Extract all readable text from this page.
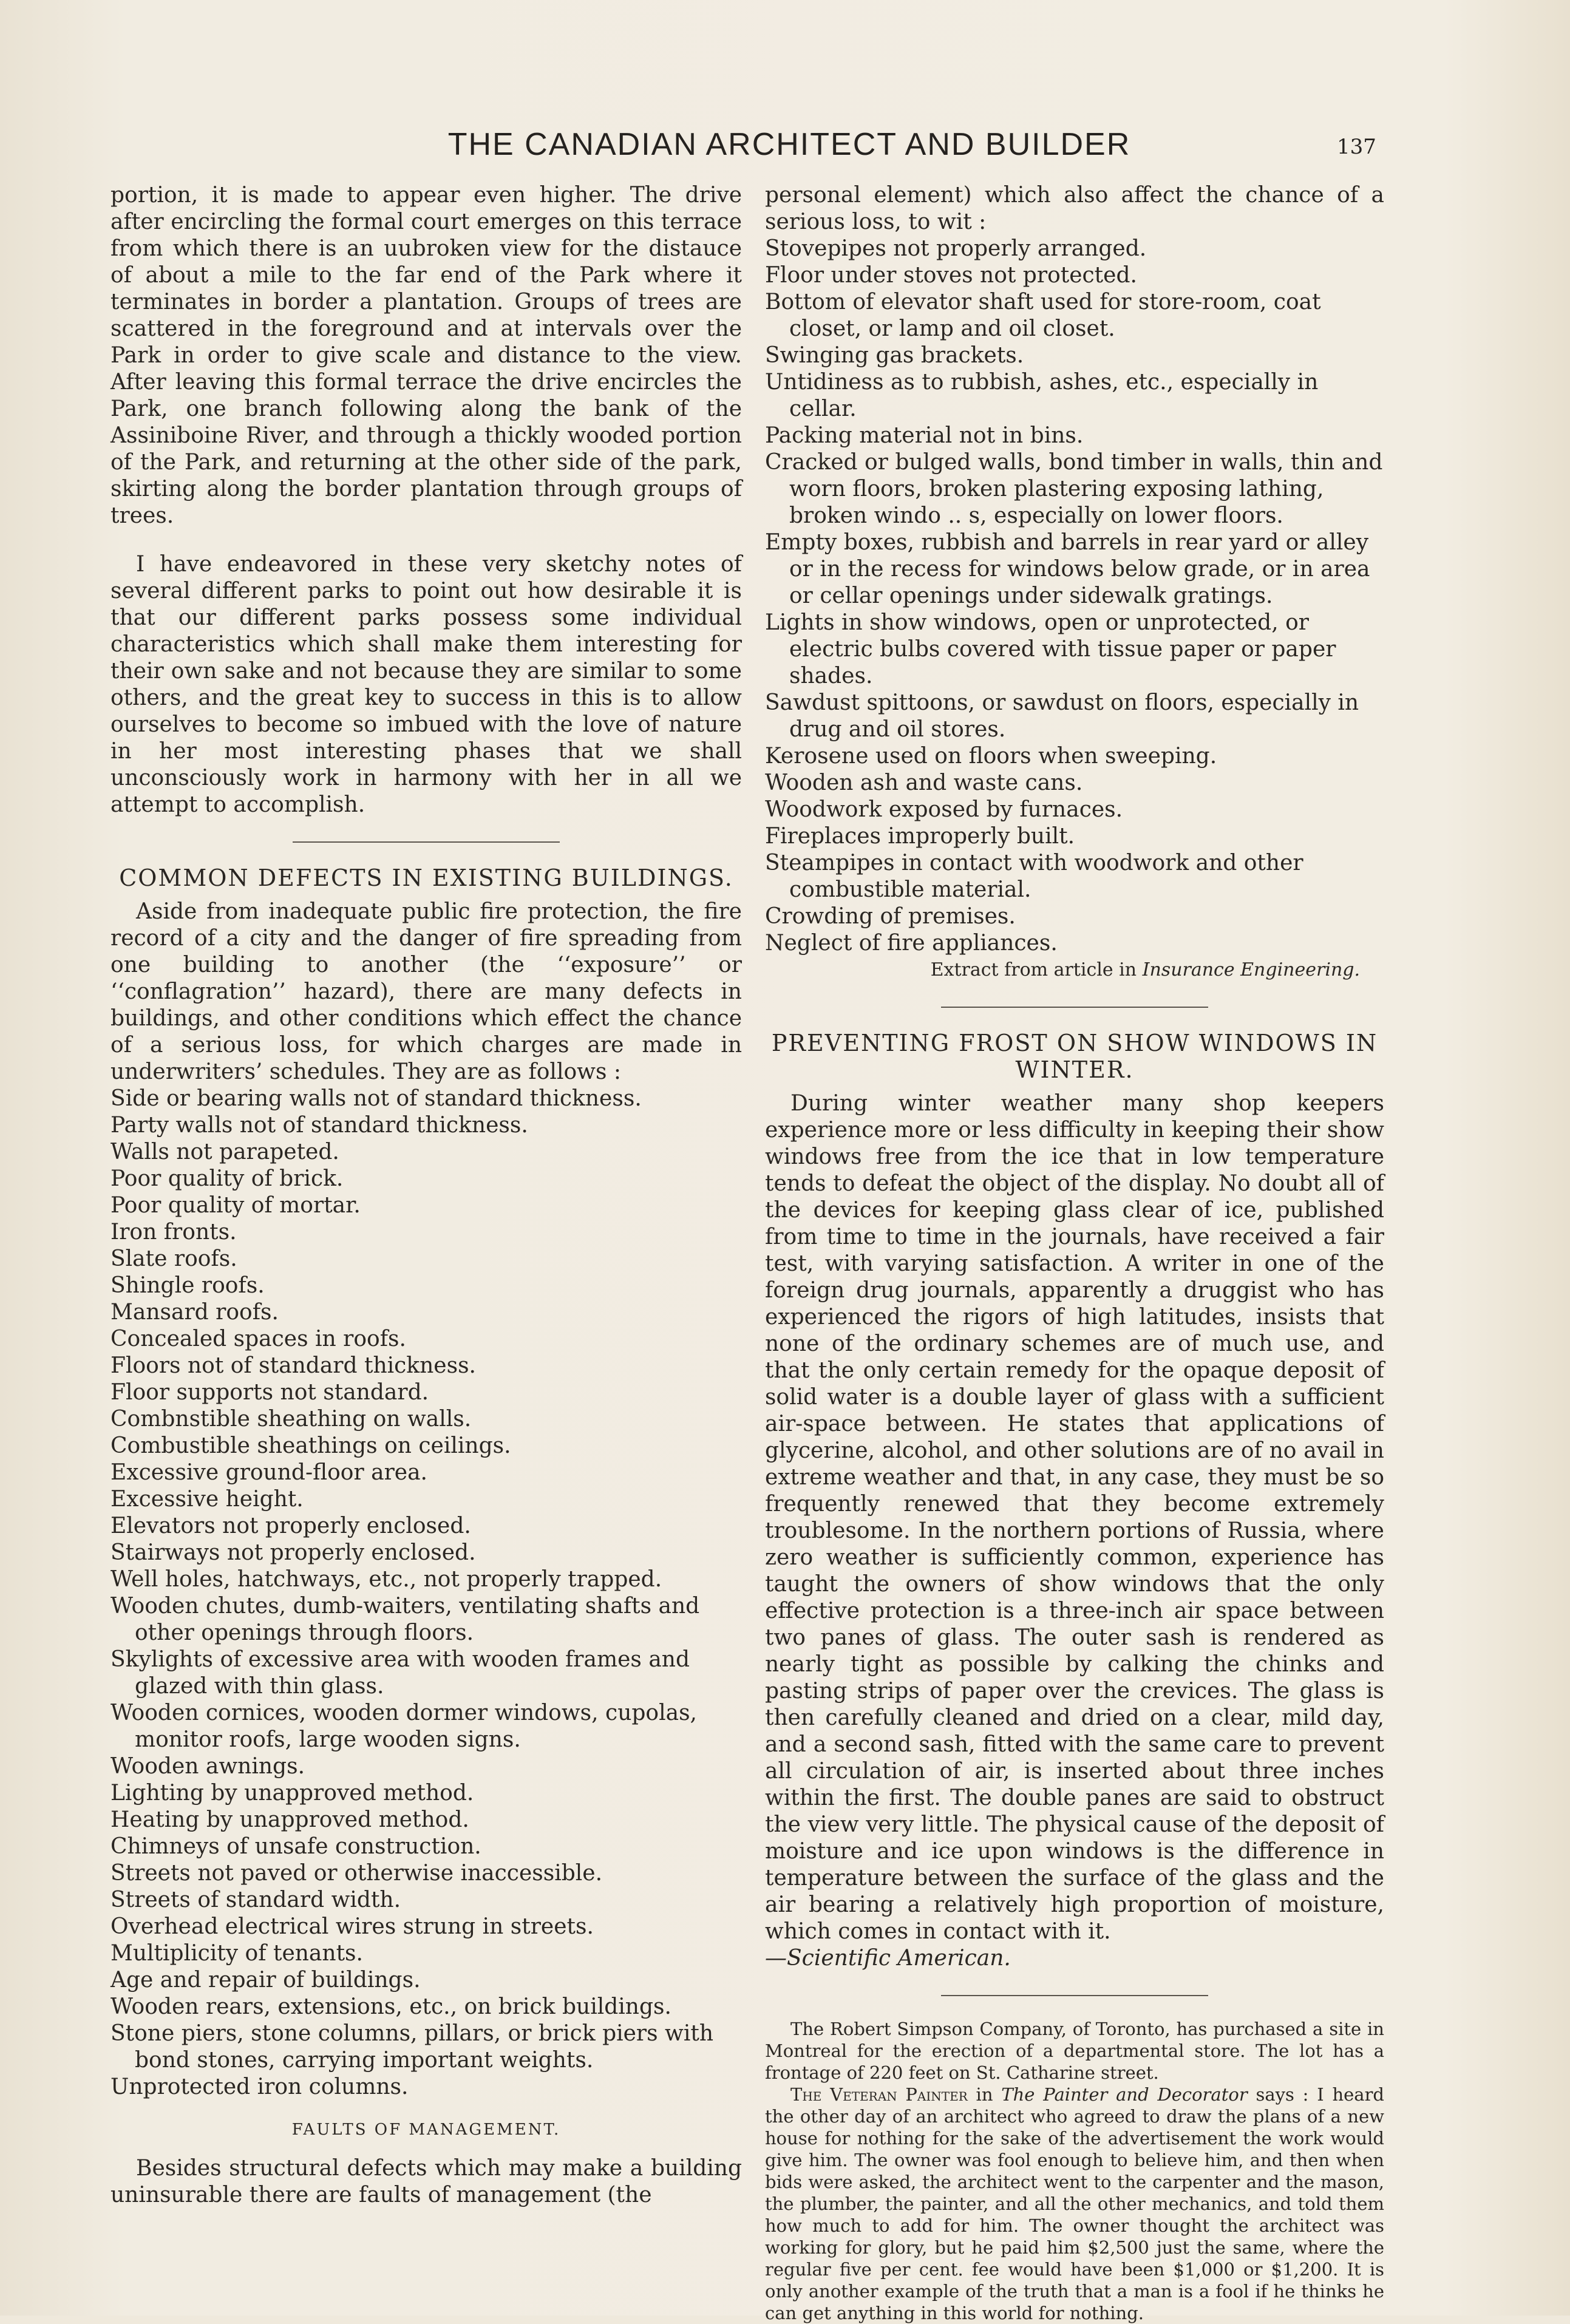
THE CANADIAN ARCHITECT AND BUILDER	137

portion, it is made to appear even higher. The drive after encircling the formal court emerges on this terrace from which there is an uubroken view for the distauce of about a mile to the far end of the Park where it terminates in border a plantation. Groups of trees are scattered in the foreground and at intervals over the Park in order to give scale and distance to the view. After leaving this formal terrace the drive encircles the Park, one branch following along the bank of the Assiniboine River, and through a thickly wooded portion of the Park, and returning at the other side of the park, skirting along the border plantation through groups of trees.

I have endeavored in these very sketchy notes of several different parks to point out how desirable it is that our different parks possess some individual characteristics which shall make them interesting for their own sake and not because they are similar to some others, and the great key to success in this is to allow ourselves to become so imbued with the love of nature in her most interesting phases that we shall unconsciously work in harmony with her in all we attempt to accomplish.

COMMON DEFECTS IN EXISTING BUILDINGS.

Aside from inadequate public fire protection, the fire record of a city and the danger of fire spreading from one building to another (the ‘‘exposure’’ or ‘‘conflagration’’ hazard), there are many defects in buildings, and other conditions which effect the chance of a serious loss, for which charges are made in underwriters’ schedules. They are as follows :

Side or bearing walls not of standard thickness.
Party walls not of standard thickness.
Walls not parapeted.
Poor quality of brick.
Poor quality of mortar.
Iron fronts.
Slate roofs.
Shingle roofs.
Mansard roofs.
Concealed spaces in roofs.
Floors not of standard thickness.
Floor supports not standard.
Combnstible sheathing on walls.
Combustible sheathings on ceilings.
Excessive ground-floor area.
Excessive height.
Elevators not properly enclosed.
Stairways not properly enclosed.
Well holes, hatchways, etc., not properly trapped.
Wooden chutes, dumb-waiters, ventilating shafts and other openings through floors.
Skylights of excessive area with wooden frames and glazed with thin glass.
Wooden cornices, wooden dormer windows, cupolas, monitor roofs, large wooden signs.
Wooden awnings.
Lighting by unapproved method.
Heating by unapproved method.
Chimneys of unsafe construction.
Streets not paved or otherwise inaccessible.
Streets of standard width.
Overhead electrical wires strung in streets.
Multiplicity of tenants.
Age and repair of buildings.
Wooden rears, extensions, etc., on brick buildings.
Stone piers, stone columns, pillars, or brick piers with bond stones, carrying important weights.
Unprotected iron columns.
FAULTS OF MANAGEMENT.

Besides structural defects which may make a building uninsurable there are faults of management (the

personal element) which also affect the chance of a serious loss, to wit :

Stovepipes not properly arranged.
Floor under stoves not protected.
Bottom of elevator shaft used for store-room, coat closet, or lamp and oil closet.
Swinging gas brackets.
Untidiness as to rubbish, ashes, etc., especially in cellar.
Packing material not in bins.
Cracked or bulged walls, bond timber in walls, thin and worn floors, broken plastering exposing lathing, broken windo .. s, especially on lower floors.
Empty boxes, rubbish and barrels in rear yard or alley or in the recess for windows below grade, or in area or cellar openings under sidewalk gratings.
Lights in show windows, open or unprotected, or electric bulbs covered with tissue paper or paper shades.
Sawdust spittoons, or sawdust on floors, especially in drug and oil stores.
Kerosene used on floors when sweeping.
Wooden ash and waste cans.
Woodwork exposed by furnaces.
Fireplaces improperly built.
Steampipes in contact with woodwork and other combustible material.
Crowding of premises.
Neglect of fire appliances.

Extract from article in Insurance Engineering.

PREVENTING FROST ON SHOW WINDOWS IN WINTER.

During winter weather many shop keepers experience more or less difficulty in keeping their show windows free from the ice that in low temperature tends to defeat the object of the display. No doubt all of the devices for keeping glass clear of ice, published from time to time in the journals, have received a fair test, with varying satisfaction. A writer in one of the foreign drug journals, apparently a druggist who has experienced the rigors of high latitudes, insists that none of the ordinary schemes are of much use, and that the only certain remedy for the opaque deposit of solid water is a double layer of glass with a sufficient air-space between. He states that applications of glycerine, alcohol, and other solutions are of no avail in extreme weather and that, in any case, they must be so frequently renewed that they become extremely troublesome. In the northern portions of Russia, where zero weather is sufficiently common, experience has taught the owners of show windows that the only effective protection is a three-inch air space between two panes of glass. The outer sash is rendered as nearly tight as possible by calking the chinks and pasting strips of paper over the crevices. The glass is then carefully cleaned and dried on a clear, mild day, and a second sash, fitted with the same care to prevent all circulation of air, is inserted about three inches within the first. The double panes are said to obstruct the view very little. The physical cause of the deposit of moisture and ice upon windows is the difference in temperature between the surface of the glass and the air bearing a relatively high proportion of moisture, which comes in contact with it.

—Scientific American.

The Robert Simpson Company, of Toronto, has purchased a site in Montreal for the erection of a departmental store. The lot has a frontage of 220 feet on St. Catharine street.

The Veteran Painter in The Painter and Decorator says : I heard the other day of an architect who agreed to draw the plans of a new house for nothing for the sake of the advertisement the work would give him. The owner was fool enough to believe him, and then when bids were asked, the architect went to the carpenter and the mason, the plumber, the painter, and all the other mechanics, and told them how much to add for him. The owner thought the architect was working for glory, but he paid him $2,500 just the same, where the regular five per cent. fee would have been $1,000 or $1,200. It is only another example of the truth that a man is a fool if he thinks he can get anything in this world for nothing.
